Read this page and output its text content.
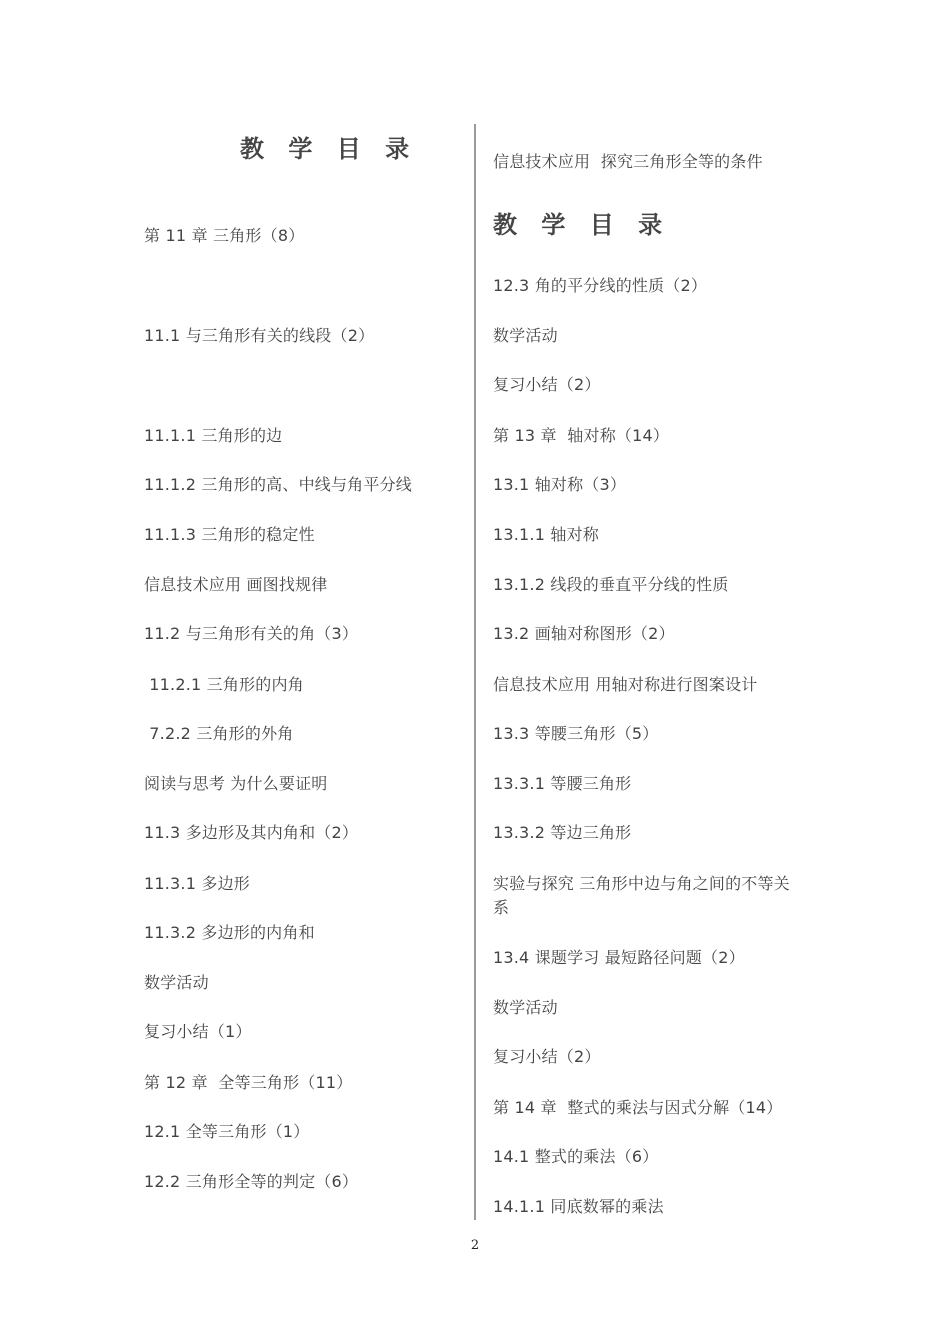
教 学 目 录
第 11 章 三角形（8）
11.1 与三角形有关的线段（2）
11.1.1 三角形的边
11.1.2 三角形的高、中线与角平分线
11.1.3 三角形的稳定性
信息技术应用 画图找规律
11.2 与三角形有关的角（3）
11.2.1 三角形的内角
7.2.2 三角形的外角
阅读与思考 为什么要证明
11.3 多边形及其内角和（2）
11.3.1 多边形
11.3.2 多边形的内角和
数学活动
复习小结（1）
第 12 章  全等三角形（11）
12.1 全等三角形（1）
12.2 三角形全等的判定（6）
信息技术应用  探究三角形全等的条件
教 学 目 录
12.3 角的平分线的性质（2）
数学活动
复习小结（2）
第 13 章  轴对称（14）
13.1 轴对称（3）
13.1.1 轴对称
13.1.2 线段的垂直平分线的性质
13.2 画轴对称图形（2）
信息技术应用 用轴对称进行图案设计
13.3 等腰三角形（5）
13.3.1 等腰三角形
13.3.2 等边三角形
实验与探究 三角形中边与角之间的不等关系
13.4 课题学习 最短路径问题（2）
数学活动
复习小结（2）
第 14 章  整式的乘法与因式分解（14）
14.1 整式的乘法（6）
14.1.1 同底数幂的乘法
2
